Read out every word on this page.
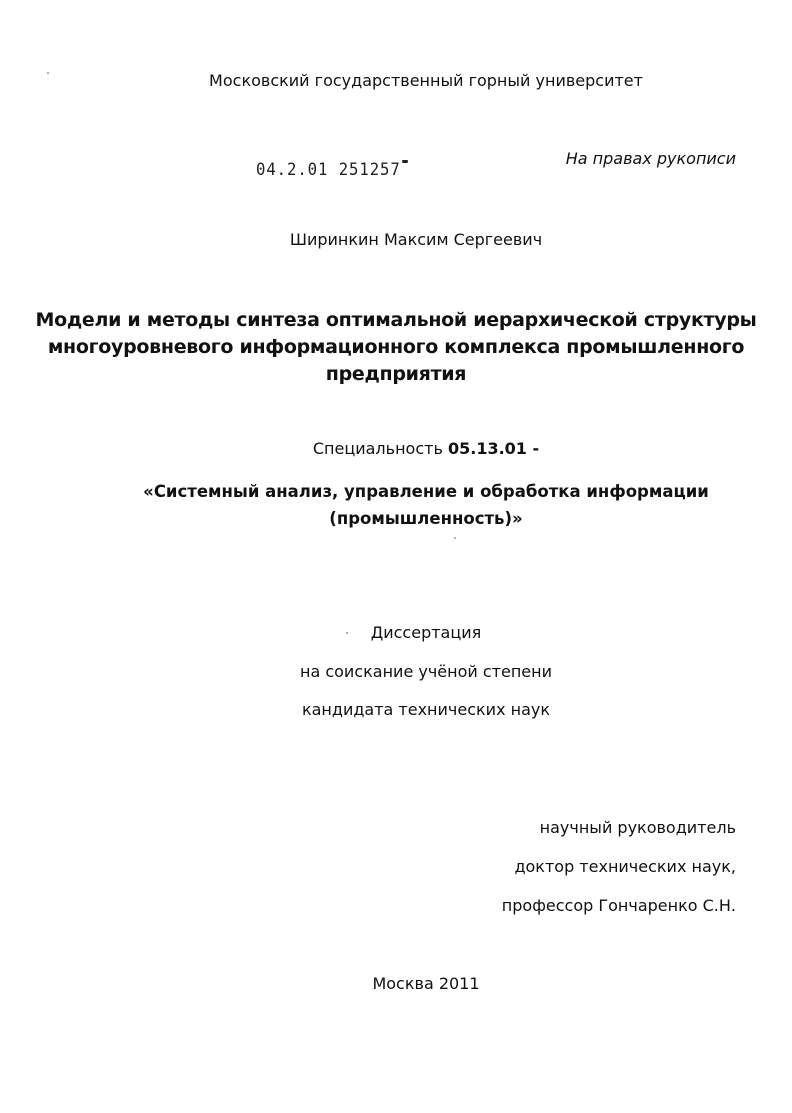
Московский государственный горный университет
04.2.01 251257
На правах рукописи
Ширинкин Максим Сергеевич
Модели и методы синтеза оптимальной иерархической структуры
многоуровневого информационного комплекса промышленного
предприятия
Специальность 05.13.01 -
«Системный анализ, управление и обработка информации
(промышленность)»
Диссертация
на соискание учёной степени
кандидата технических наук
научный руководитель
доктор технических наук,
профессор Гончаренко С.Н.
Москва 2011
